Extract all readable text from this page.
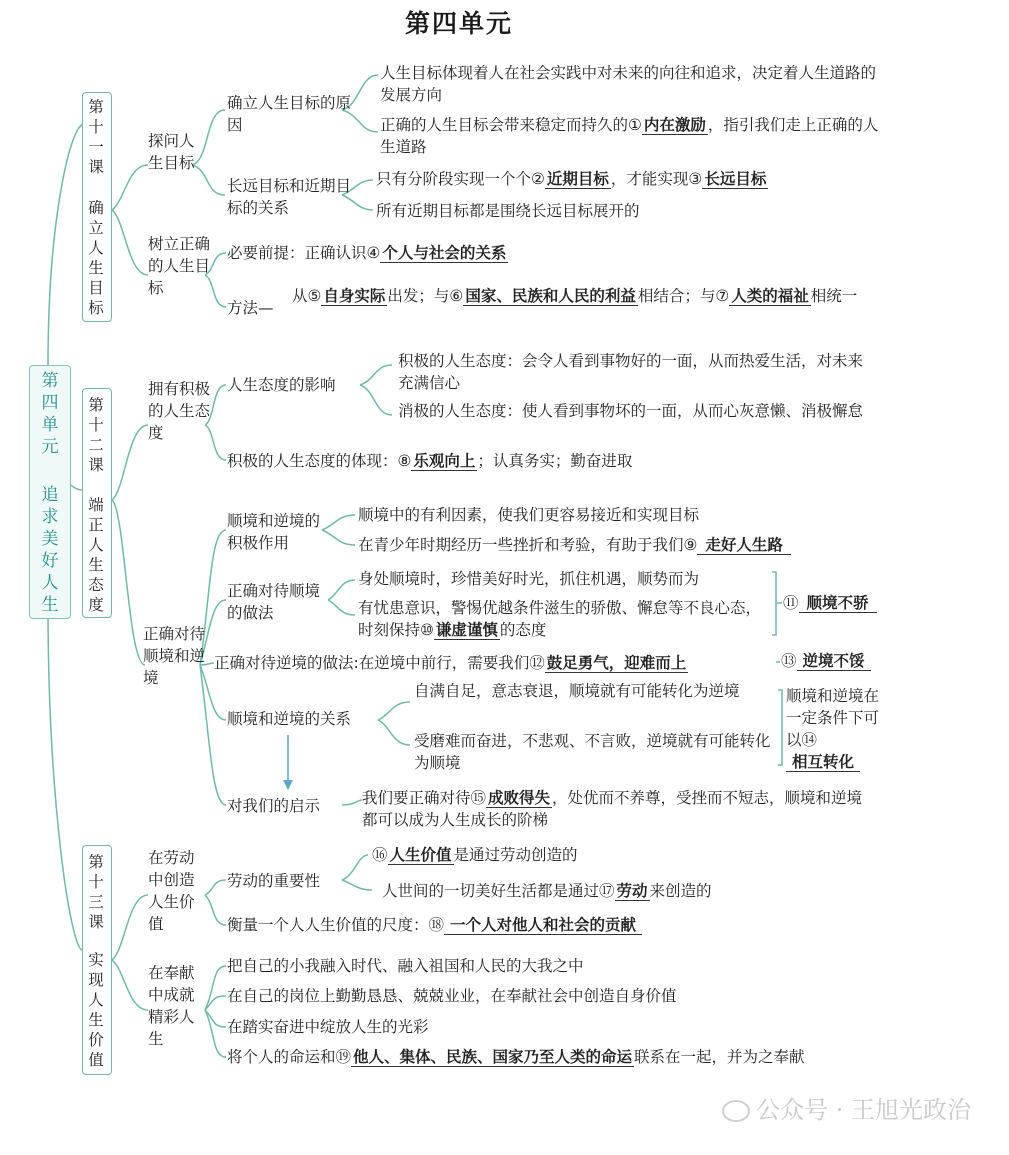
第四单元
第四单元
追求美好人生
第十一课
确立人生目标
第十二课
端正人生态度
第十三课
实现人生价值
探问人生目标
树立正确的人生目标
拥有积极的人生态度
正确对待顺境和逆境
在劳动中创造人生价值
在奉献中成就精彩人生
确立人生目标的原因
长远目标和近期目标的关系
必要前提：正确认识④ 个人与社会的关系
方法—
从⑤ 自身实际 出发；与⑥ 国家、民族和人民的利益 相结合；与⑦ 人类的福祉 相统一
人生目标体现着人在社会实践中对未来的向往和追求，决定着人生道路的发展方向
正确的人生目标会带来稳定而持久的① 内在激励 ，指引我们走上正确的人生道路
只有分阶段实现一个个② 近期目标 ，才能实现③ 长远目标
所有近期目标都是围绕长远目标展开的
人生态度的影响
积极的人生态度：会令人看到事物好的一面，从而热爱生活，对未来充满信心
消极的人生态度：使人看到事物坏的一面，从而心灰意懒、消极懈怠
积极的人生态度的体现：⑧ 乐观向上 ；认真务实；勤奋进取
顺境和逆境的积极作用
顺境中的有利因素，使我们更容易接近和实现目标
在青少年时期经历一些挫折和考验，有助于我们⑨ 走好人生路
正确对待顺境的做法
身处顺境时，珍惜美好时光，抓住机遇，顺势而为
有忧患意识，警惕优越条件滋生的骄傲、懈怠等不良心态，时刻保持⑩ 谦虚谨慎 的态度
⑪ 顺境不骄
正确对待逆境的做法:在逆境中前行，需要我们⑫ 鼓足勇气，迎难而上	⑬ 逆境不馁
顺境和逆境的关系
自满自足，意志衰退，顺境就有可能转化为逆境
受磨难而奋进，不悲观、不言败，逆境就有可能转化为顺境
顺境和逆境在一定条件下可以⑭
相互转化
对我们的启示	我们要正确对待⑮ 成败得失 ，处优而不养尊，受挫而不短志，顺境和逆境都可以成为人生成长的阶梯
劳动的重要性
⑯ 人生价值 是通过劳动创造的
人世间的一切美好生活都是通过⑰ 劳动 来创造的
衡量一个人人生价值的尺度：⑱ 一个人对他人和社会的贡献
把自己的小我融入时代、融入祖国和人民的大我之中
在自己的岗位上勤勤恳恳、兢兢业业，在奉献社会中创造自身价值
在踏实奋进中绽放人生的光彩
将个人的命运和⑲ 他人、集体、民族、国家乃至人类的命运 联系在一起，并为之奉献
公众号 · 王旭光政治
